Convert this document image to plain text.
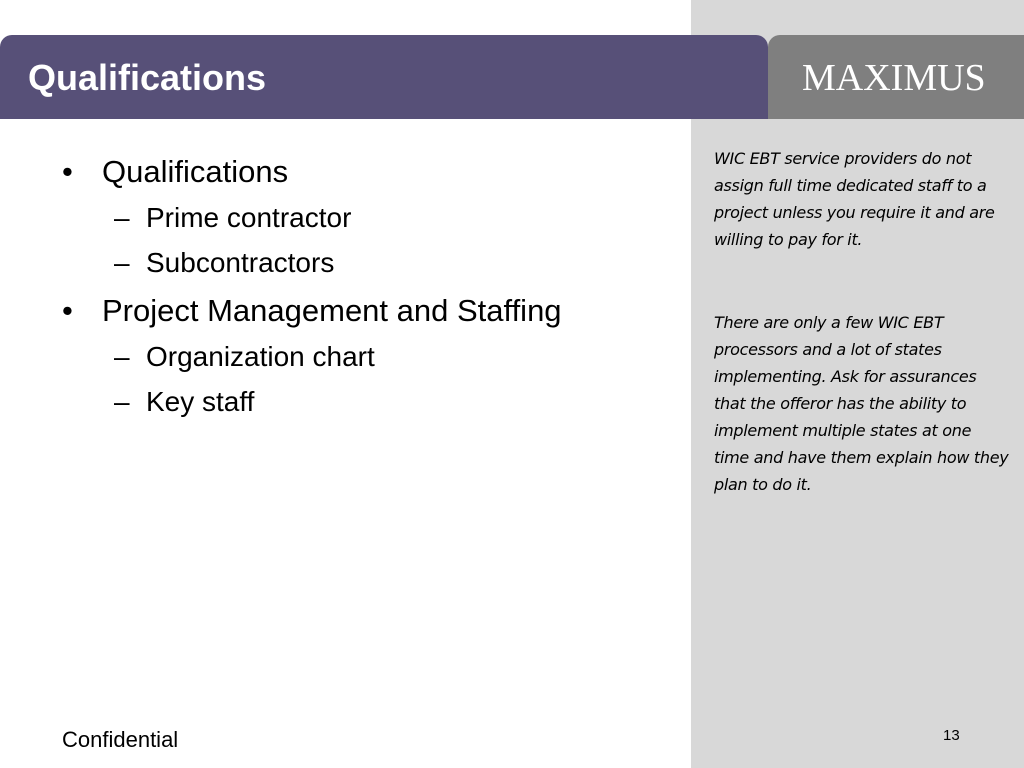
Qualifications	MAXIMUS
• Qualifications
– Prime contractor
– Subcontractors
• Project Management and Staffing
– Organization chart
– Key staff
WIC EBT service providers do not assign full time dedicated staff to a project unless you require it and are willing to pay for it.
There are only a few WIC EBT processors and a lot of states implementing. Ask for assurances that the offeror has the ability to implement multiple states at one time and have them explain how they plan to do it.
Confidential	13
